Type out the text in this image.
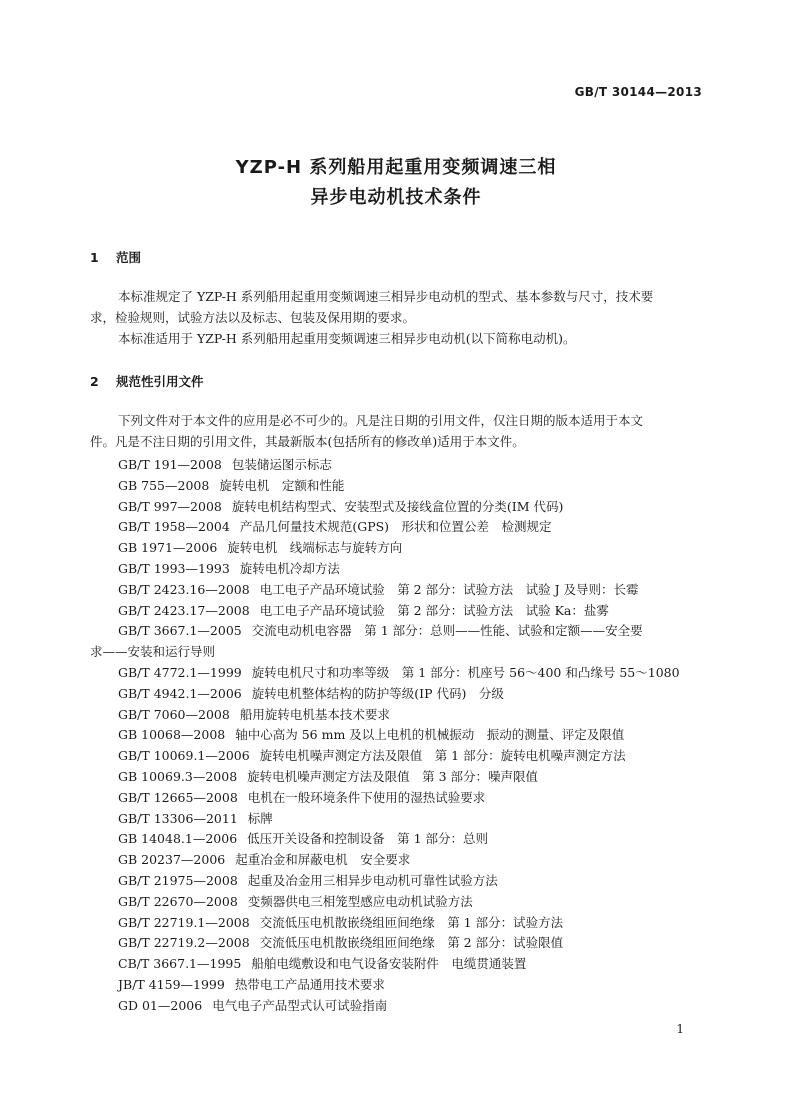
GB/T 30144—2013
YZP-H 系列船用起重用变频调速三相
异步电动机技术条件
1 范围
本标准规定了 YZP-H 系列船用起重用变频调速三相异步电动机的型式、基本参数与尺寸，技术要
求，检验规则，试验方法以及标志、包装及保用期的要求。
本标准适用于 YZP-H 系列船用起重用变频调速三相异步电动机(以下简称电动机)。
2 规范性引用文件
下列文件对于本文件的应用是必不可少的。凡是注日期的引用文件，仅注日期的版本适用于本文
件。凡是不注日期的引用文件，其最新版本(包括所有的修改单)适用于本文件。
GB/T 191—2008 包装储运图示标志
GB 755—2008 旋转电机　定额和性能
GB/T 997—2008 旋转电机结构型式、安装型式及接线盒位置的分类(IM 代码)
GB/T 1958—2004 产品几何量技术规范(GPS)　形状和位置公差　检测规定
GB 1971—2006 旋转电机　线端标志与旋转方向
GB/T 1993—1993 旋转电机冷却方法
GB/T 2423.16—2008 电工电子产品环境试验　第 2 部分：试验方法　试验 J 及导则：长霉
GB/T 2423.17—2008 电工电子产品环境试验　第 2 部分：试验方法　试验 Ka：盐雾
GB/T 3667.1—2005 交流电动机电容器　第 1 部分：总则——性能、试验和定额——安全要
求——安装和运行导则
GB/T 4772.1—1999 旋转电机尺寸和功率等级　第 1 部分：机座号 56～400 和凸缘号 55～1080
GB/T 4942.1—2006 旋转电机整体结构的防护等级(IP 代码)　分级
GB/T 7060—2008 船用旋转电机基本技术要求
GB 10068—2008 轴中心高为 56 mm 及以上电机的机械振动　振动的测量、评定及限值
GB/T 10069.1—2006 旋转电机噪声测定方法及限值　第 1 部分：旋转电机噪声测定方法
GB 10069.3—2008 旋转电机噪声测定方法及限值　第 3 部分：噪声限值
GB/T 12665—2008 电机在一般环境条件下使用的湿热试验要求
GB/T 13306—2011 标牌
GB 14048.1—2006 低压开关设备和控制设备　第 1 部分：总则
GB 20237—2006 起重冶金和屏蔽电机　安全要求
GB/T 21975—2008 起重及冶金用三相异步电动机可靠性试验方法
GB/T 22670—2008 变频器供电三相笼型感应电动机试验方法
GB/T 22719.1—2008 交流低压电机散嵌绕组匝间绝缘　第 1 部分：试验方法
GB/T 22719.2—2008 交流低压电机散嵌绕组匝间绝缘　第 2 部分：试验限值
CB/T 3667.1—1995 船舶电缆敷设和电气设备安装附件　电缆贯通装置
JB/T 4159—1999 热带电工产品通用技术要求
GD 01—2006 电气电子产品型式认可试验指南
1
